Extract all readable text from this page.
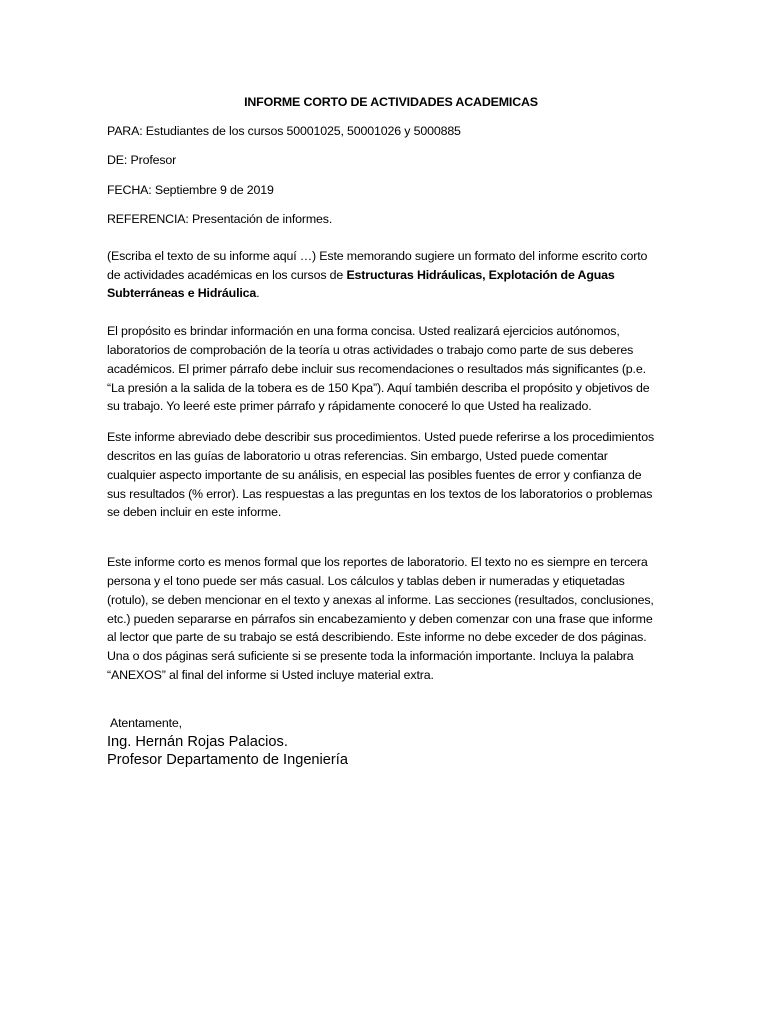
INFORME CORTO DE ACTIVIDADES ACADEMICAS
PARA: Estudiantes de los cursos 50001025, 50001026 y 5000885
DE: Profesor
FECHA: Septiembre 9 de 2019
REFERENCIA: Presentación de informes.

(Escriba el texto de su informe aquí …) Este memorando sugiere un formato del informe escrito corto de actividades académicas en los cursos de Estructuras Hidráulicas, Explotación de Aguas Subterráneas e Hidráulica.

El propósito es brindar información en una forma concisa. Usted realizará ejercicios autónomos, laboratorios de comprobación de la teoría u otras actividades o trabajo como parte de sus deberes académicos. El primer párrafo debe incluir sus recomendaciones o resultados más significantes (p.e. “La presión a la salida de la tobera es de 150 Kpa”). Aquí también describa el propósito y objetivos de su trabajo. Yo leeré este primer párrafo y rápidamente conoceré lo que Usted ha realizado.

Este informe abreviado debe describir sus procedimientos. Usted puede referirse a los procedimientos descritos en las guías de laboratorio u otras referencias. Sin embargo, Usted puede comentar cualquier aspecto importante de su análisis, en especial las posibles fuentes de error y confianza de sus resultados (% error). Las respuestas a las preguntas en los textos de los laboratorios o problemas se deben incluir en este informe.

Este informe corto es menos formal que los reportes de laboratorio. El texto no es siempre en tercera persona y el tono puede ser más casual. Los cálculos y tablas deben ir numeradas y etiquetadas (rotulo), se deben mencionar en el texto y anexas al informe. Las secciones (resultados, conclusiones, etc.) pueden separarse en párrafos sin encabezamiento y deben comenzar con una frase que informe al lector que parte de su trabajo se está describiendo. Este informe no debe exceder de dos páginas. Una o dos páginas será suficiente si se presente toda la información importante. Incluya la palabra “ANEXOS” al final del informe si Usted incluye material extra.

Atentamente,
Ing. Hernán Rojas Palacios.
Profesor Departamento de Ingeniería
